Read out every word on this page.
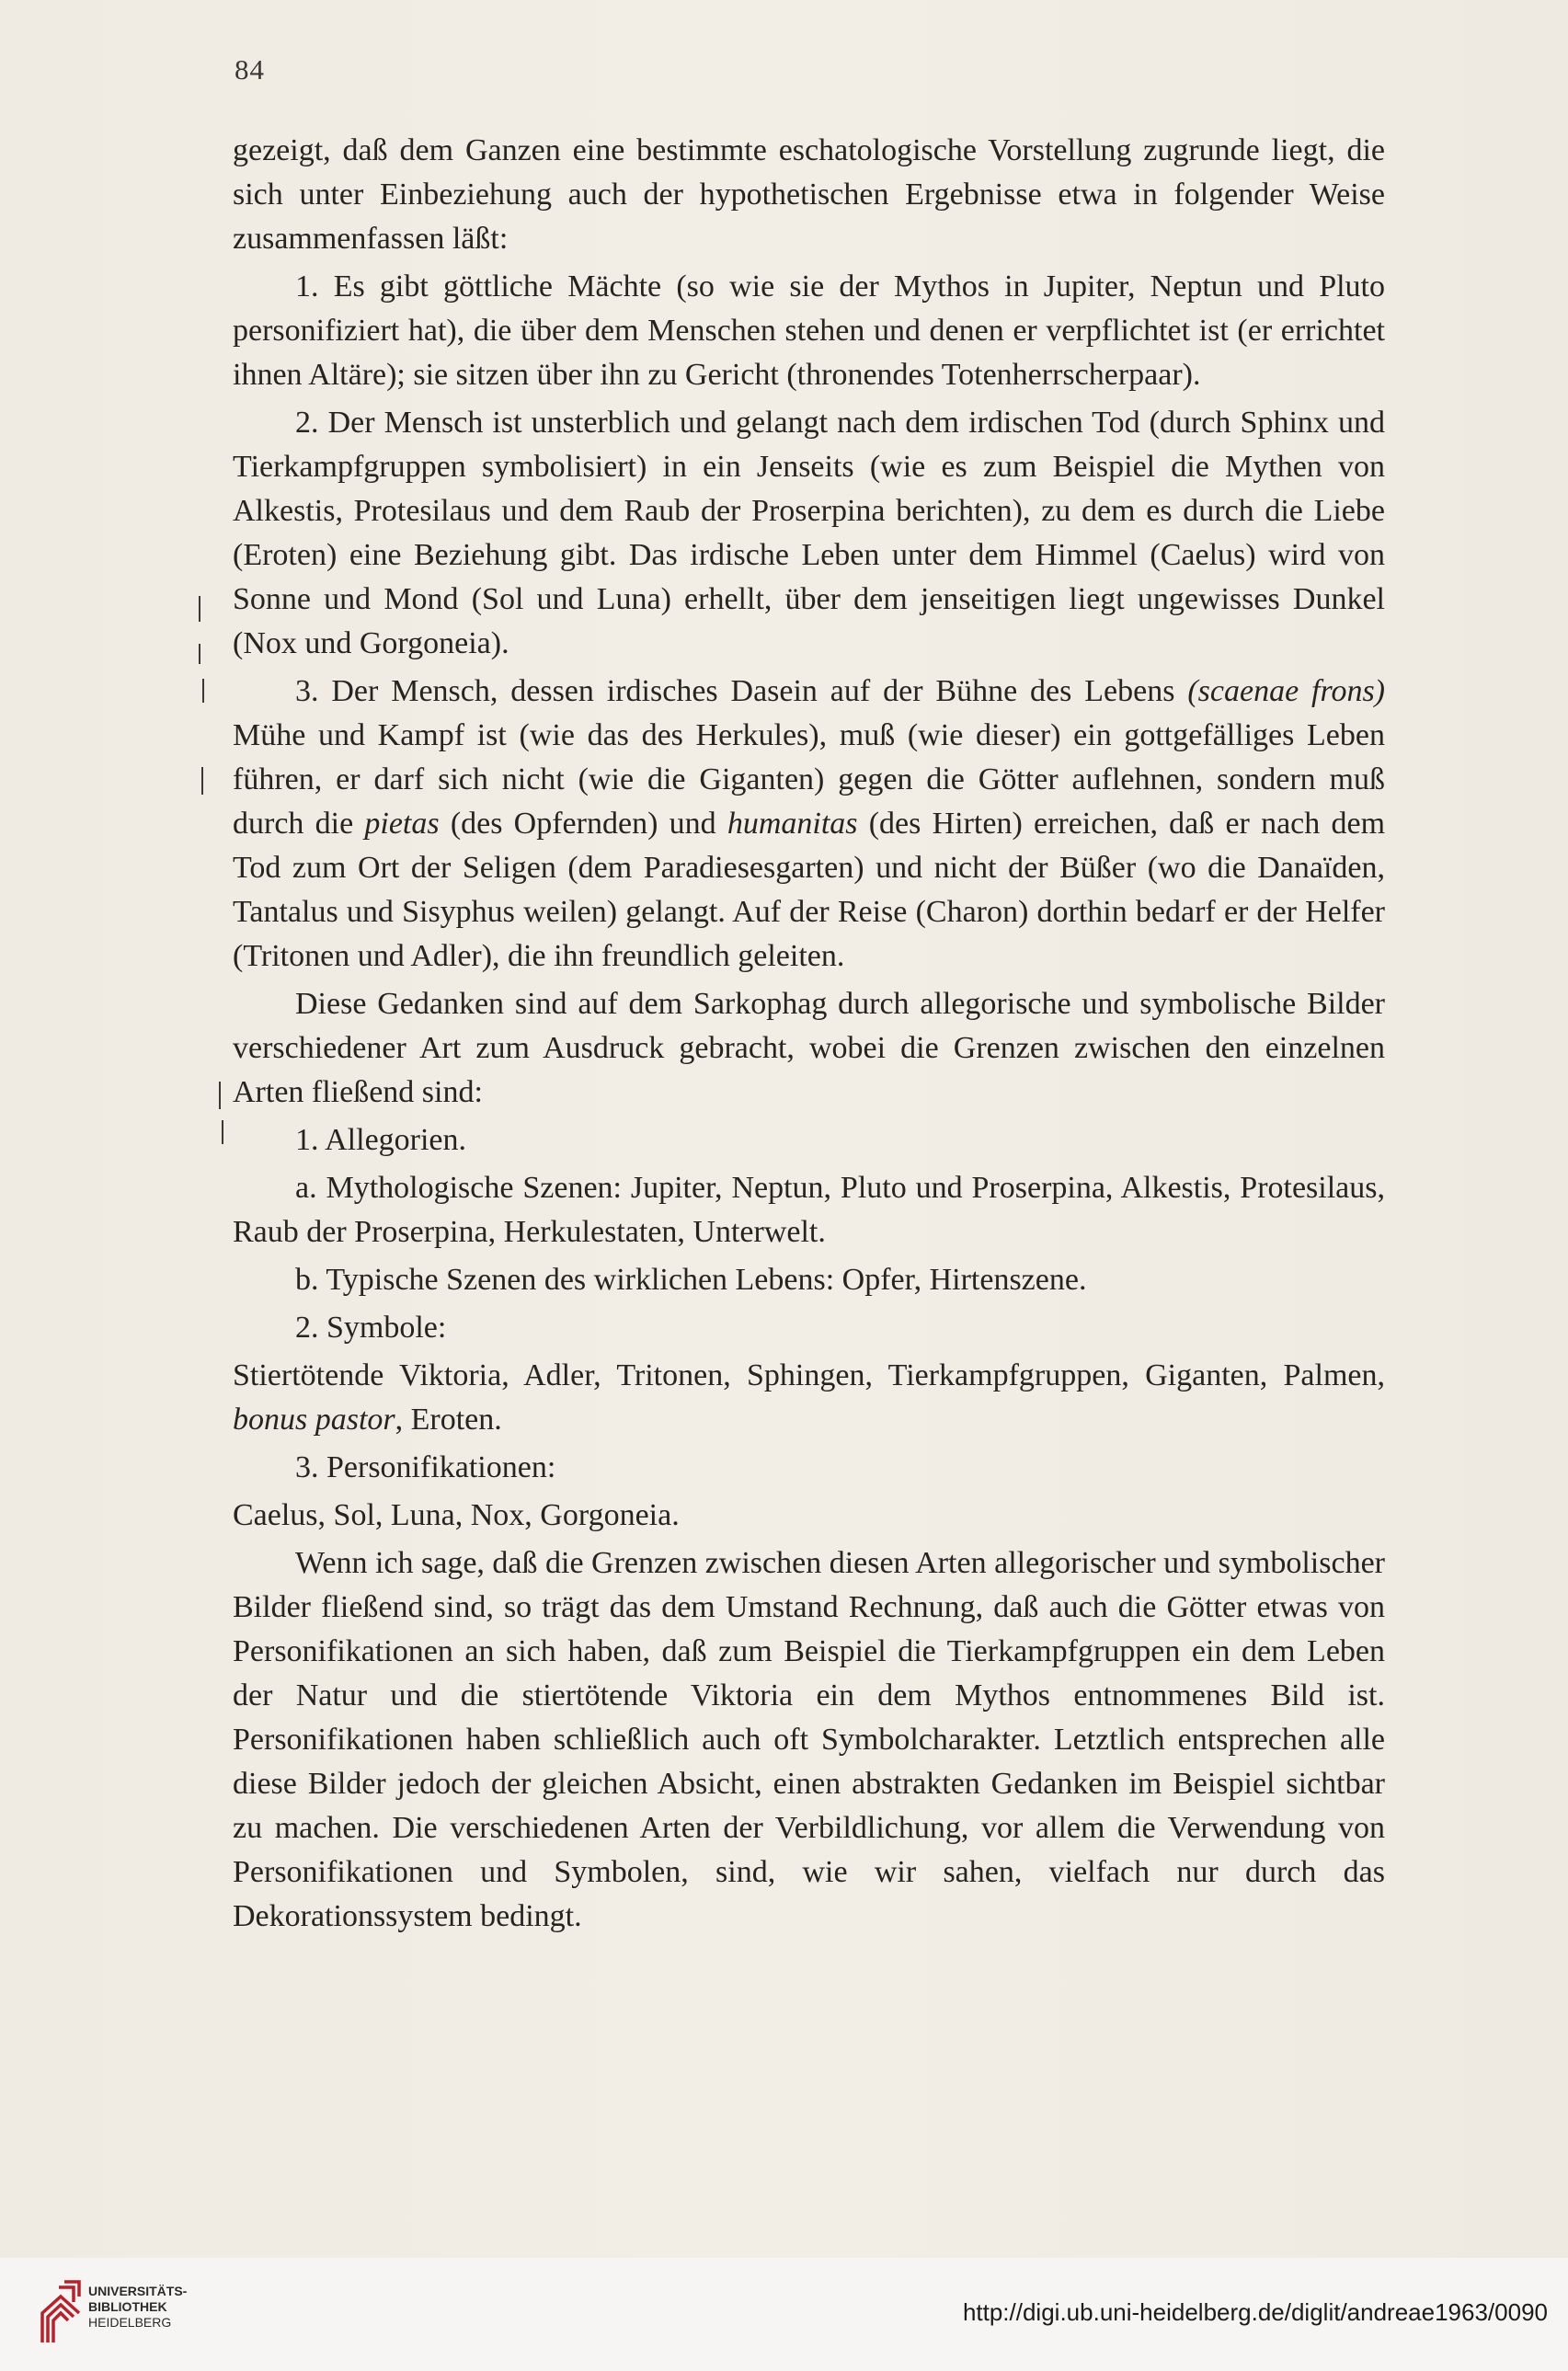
84

gezeigt, daß dem Ganzen eine bestimmte eschatologische Vorstellung zugrunde liegt, die sich unter Einbeziehung auch der hypothetischen Ergebnisse etwa in folgender Weise zusammenfassen läßt:

1. Es gibt göttliche Mächte (so wie sie der Mythos in Jupiter, Neptun und Pluto personifiziert hat), die über dem Menschen stehen und denen er verpflichtet ist (er errichtet ihnen Altäre); sie sitzen über ihn zu Gericht (thronendes Totenherrscherpaar).

2. Der Mensch ist unsterblich und gelangt nach dem irdischen Tod (durch Sphinx und Tierkampfgruppen symbolisiert) in ein Jenseits (wie es zum Beispiel die Mythen von Alkestis, Protesilaus und dem Raub der Proserpina berichten), zu dem es durch die Liebe (Eroten) eine Beziehung gibt. Das irdische Leben unter dem Himmel (Caelus) wird von Sonne und Mond (Sol und Luna) erhellt, über dem jenseitigen liegt ungewisses Dunkel (Nox und Gorgoneia).

3. Der Mensch, dessen irdisches Dasein auf der Bühne des Lebens (scaenae frons) Mühe und Kampf ist (wie das des Herkules), muß (wie dieser) ein gottgefälliges Leben führen, er darf sich nicht (wie die Giganten) gegen die Götter auflehnen, sondern muß durch die pietas (des Opfernden) und humanitas (des Hirten) erreichen, daß er nach dem Tod zum Ort der Seligen (dem Paradiesesgarten) und nicht der Büßer (wo die Danaïden, Tantalus und Sisyphus weilen) gelangt. Auf der Reise (Charon) dorthin bedarf er der Helfer (Tritonen und Adler), die ihn freundlich geleiten.

Diese Gedanken sind auf dem Sarkophag durch allegorische und symbolische Bilder verschiedener Art zum Ausdruck gebracht, wobei die Grenzen zwischen den einzelnen Arten fließend sind:

1. Allegorien.

a. Mythologische Szenen: Jupiter, Neptun, Pluto und Proserpina, Alkestis, Protesilaus, Raub der Proserpina, Herkulestaten, Unterwelt.

b. Typische Szenen des wirklichen Lebens: Opfer, Hirtenszene.

2. Symbole:

Stiertötende Viktoria, Adler, Tritonen, Sphingen, Tierkampfgruppen, Giganten, Palmen, bonus pastor, Eroten.

3. Personifikationen:

Caelus, Sol, Luna, Nox, Gorgoneia.

Wenn ich sage, daß die Grenzen zwischen diesen Arten allegorischer und symbolischer Bilder fließend sind, so trägt das dem Umstand Rechnung, daß auch die Götter etwas von Personifikationen an sich haben, daß zum Beispiel die Tierkampfgruppen ein dem Leben der Natur und die stiertötende Viktoria ein dem Mythos entnommenes Bild ist. Personifikationen haben schließlich auch oft Symbolcharakter. Letztlich entsprechen alle diese Bilder jedoch der gleichen Absicht, einen abstrakten Gedanken im Beispiel sichtbar zu machen. Die verschiedenen Arten der Verbildlichung, vor allem die Verwendung von Personifikationen und Symbolen, sind, wie wir sahen, vielfach nur durch das Dekorationssystem bedingt.

UNIVERSITÄTS-
BIBLIOTHEK
HEIDELBERG	http://digi.ub.uni-heidelberg.de/diglit/andreae1963/0090
